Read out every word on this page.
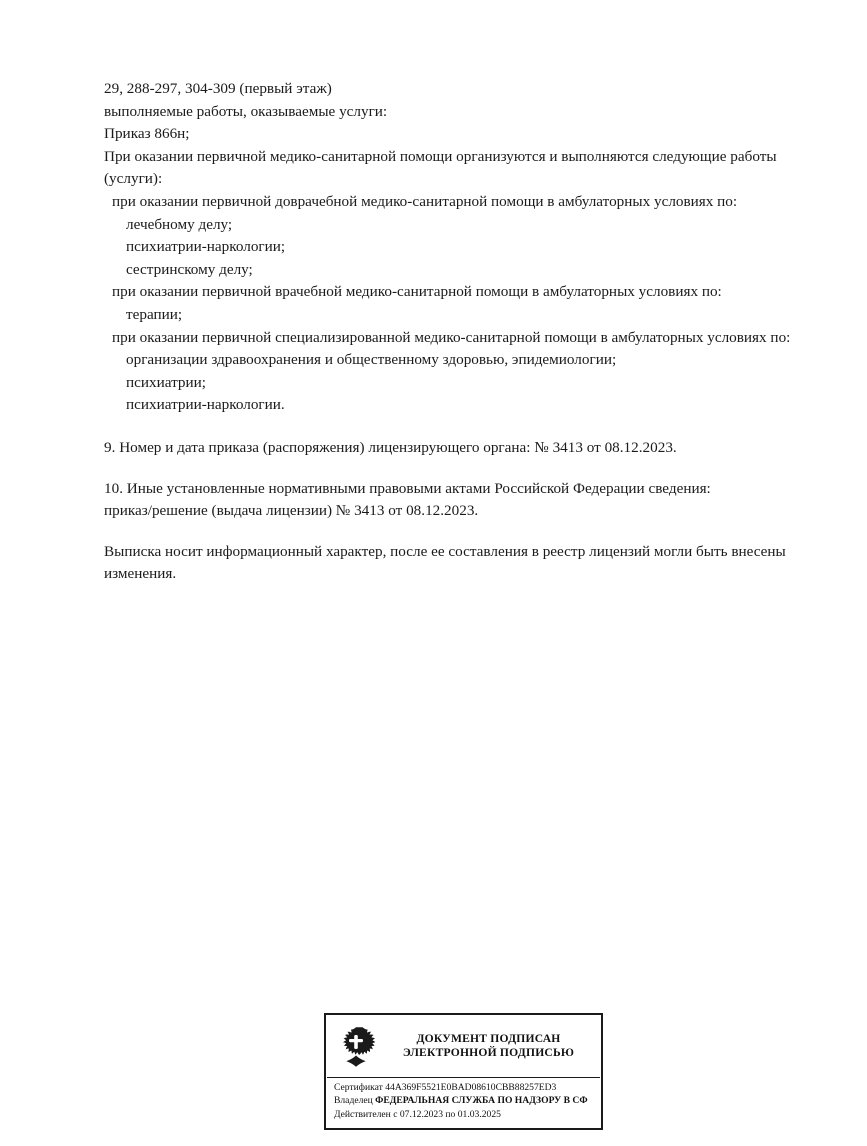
29, 288-297, 304-309 (первый этаж)
выполняемые работы, оказываемые услуги:
Приказ 866н;
При оказании первичной медико-санитарной помощи организуются и выполняются следующие работы (услуги):
при оказании первичной доврачебной медико-санитарной помощи в амбулаторных условиях по:
лечебному делу;
психиатрии-наркологии;
сестринскому делу;
при оказании первичной врачебной медико-санитарной помощи в амбулаторных условиях по:
терапии;
при оказании первичной специализированной медико-санитарной помощи в амбулаторных условиях по:
организации здравоохранения и общественному здоровью, эпидемиологии;
психиатрии;
психиатрии-наркологии.

9. Номер и дата приказа (распоряжения) лицензирующего органа: № 3413 от 08.12.2023.

10. Иные установленные нормативными правовыми актами Российской Федерации сведения:
приказ/решение (выдача лицензии) № 3413 от 08.12.2023.

Выписка носит информационный характер, после ее составления в реестр лицензий могли быть внесены изменения.

ДОКУМЕНТ ПОДПИСАН
ЭЛЕКТРОННОЙ ПОДПИСЬЮ
Сертификат 44A369F5521E0BAD08610CBB88257ED3
Владелец ФЕДЕРАЛЬНАЯ СЛУЖБА ПО НАДЗОРУ В СФ
Действителен с 07.12.2023 по 01.03.2025
